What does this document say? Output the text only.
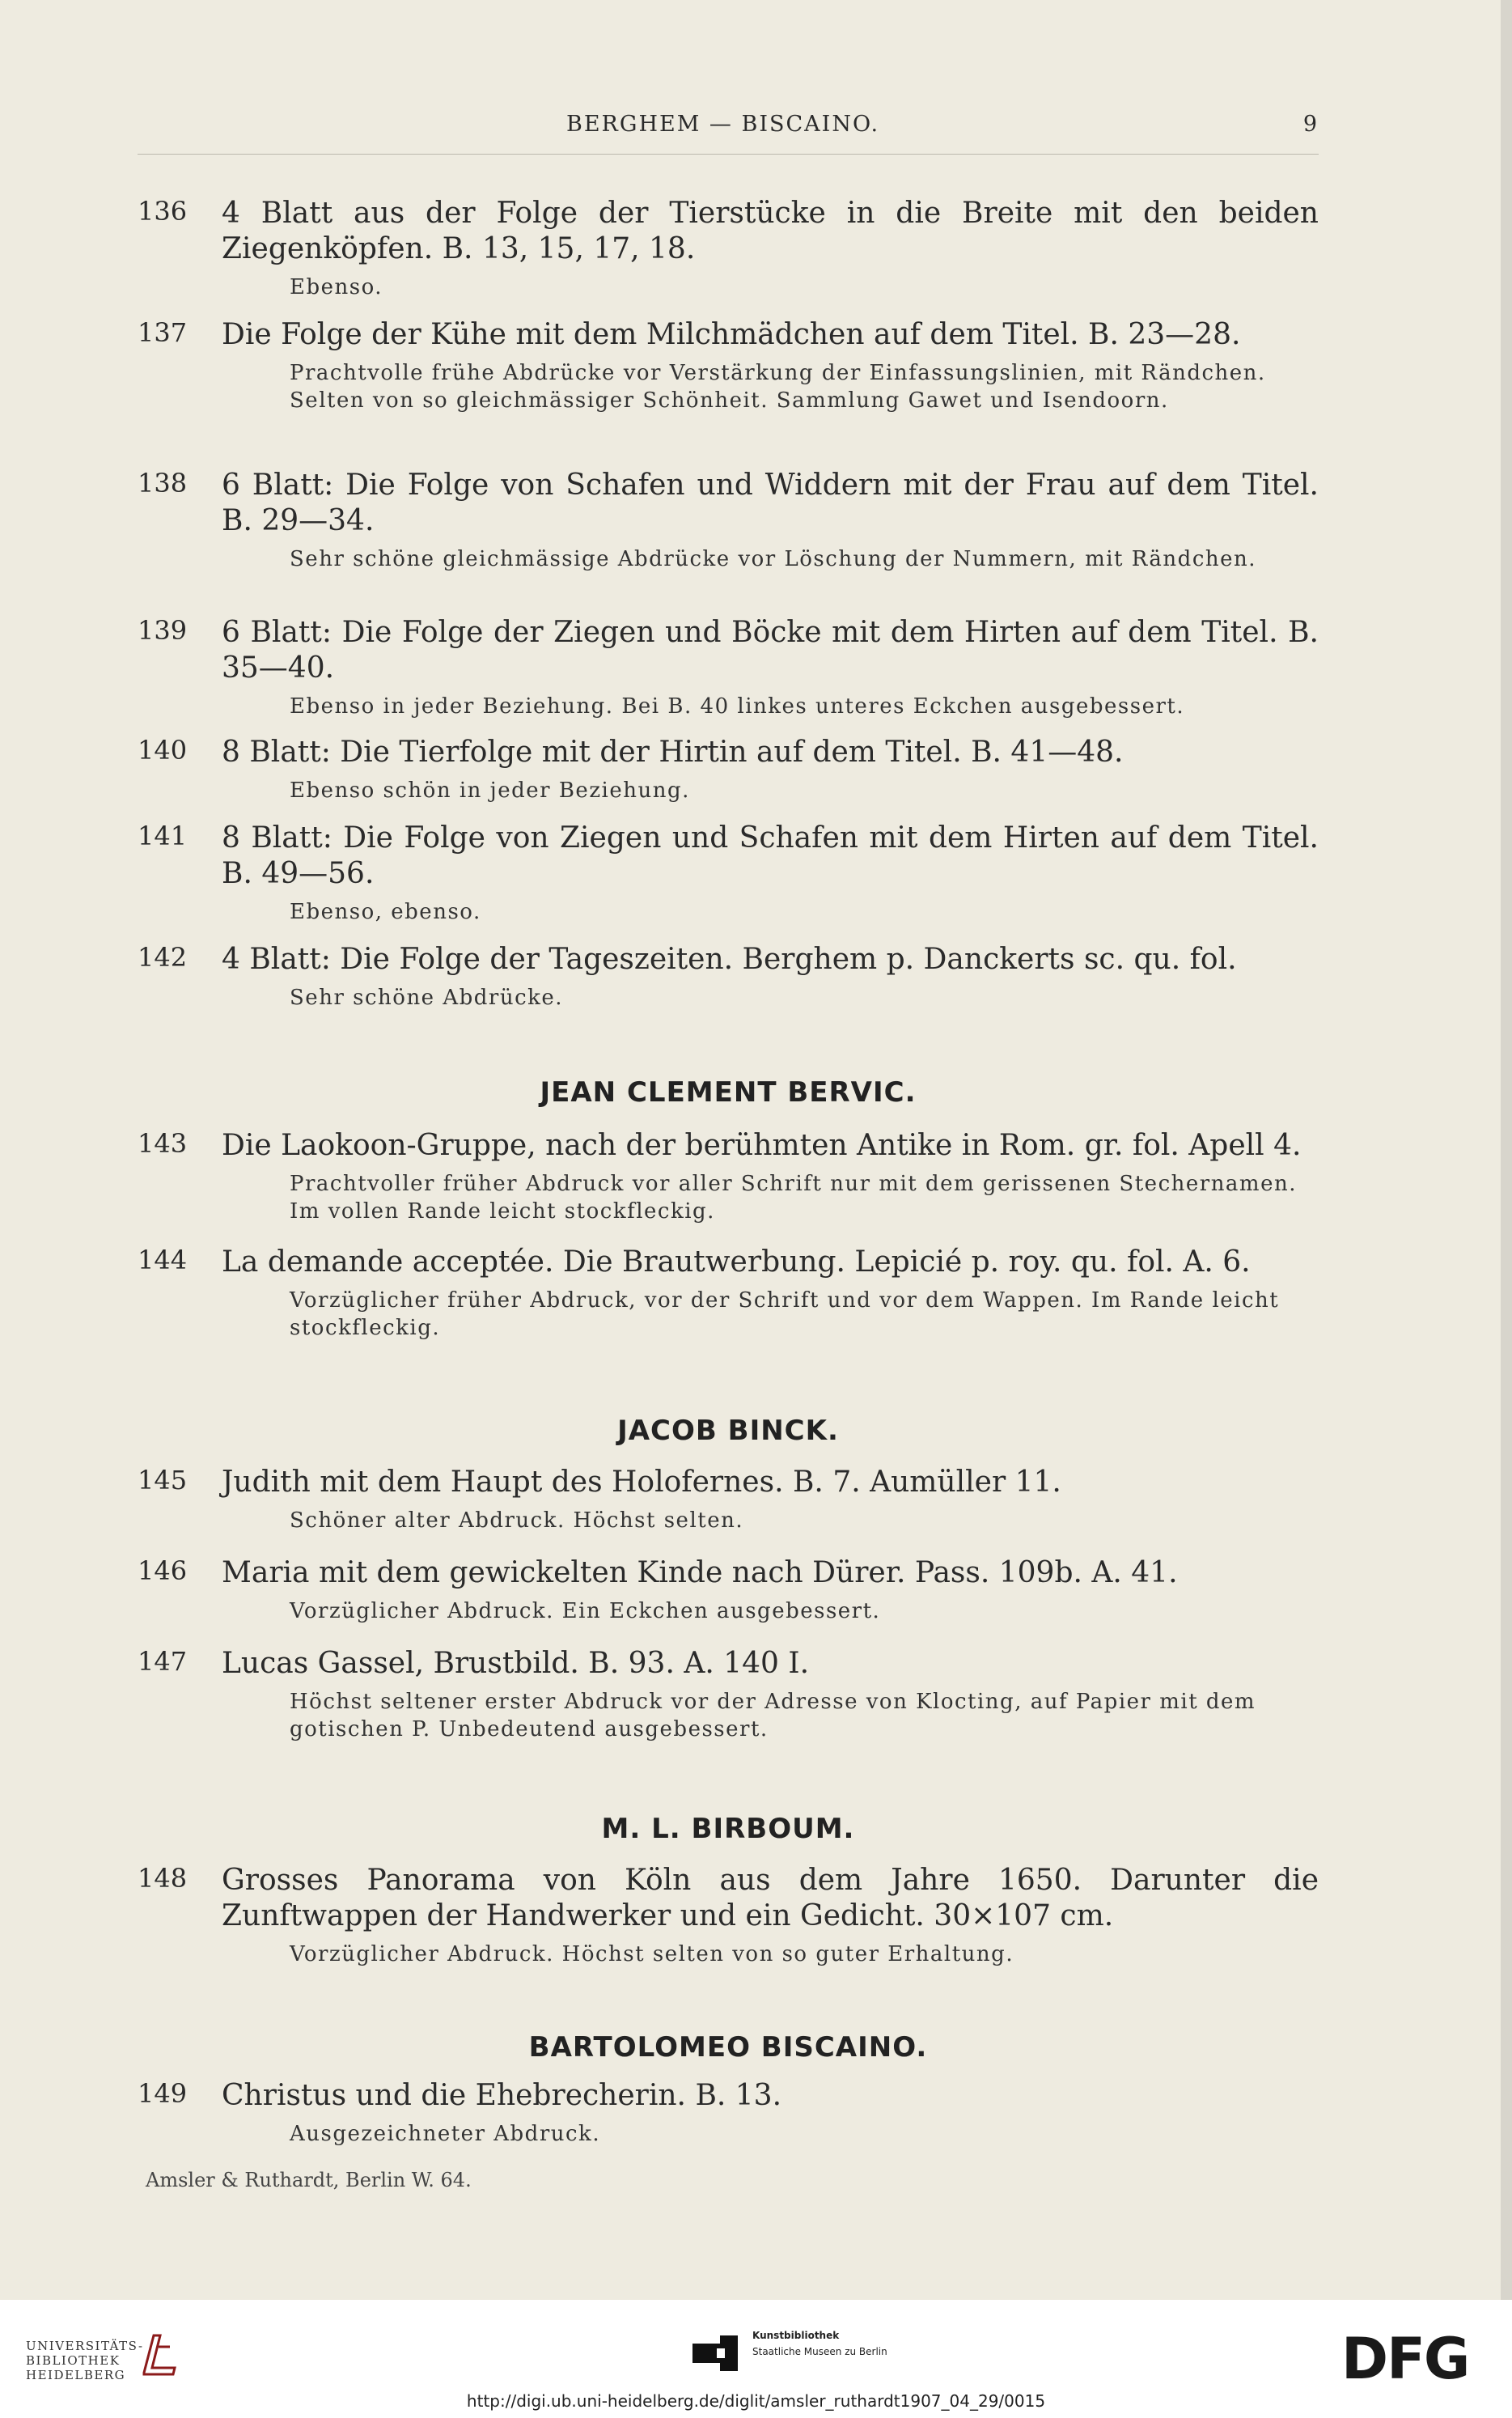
BERGHEM — BISCAINO.	9
136 4 Blatt aus der Folge der Tierstücke in die Breite mit den beiden Ziegenköpfen. B. 13, 15, 17, 18.
Ebenso.
137 Die Folge der Kühe mit dem Milchmädchen auf dem Titel. B. 23—28.
Prachtvolle frühe Abdrücke vor Verstärkung der Einfassungslinien, mit Rändchen. Selten von so gleichmässiger Schönheit. Sammlung Gawet und Isendoorn.
138 6 Blatt: Die Folge von Schafen und Widdern mit der Frau auf dem Titel. B. 29—34.
Sehr schöne gleichmässige Abdrücke vor Löschung der Nummern, mit Rändchen.
139 6 Blatt: Die Folge der Ziegen und Böcke mit dem Hirten auf dem Titel. B. 35—40.
Ebenso in jeder Beziehung. Bei B. 40 linkes unteres Eckchen ausgebessert.
140 8 Blatt: Die Tierfolge mit der Hirtin auf dem Titel. B. 41—48.
Ebenso schön in jeder Beziehung.
141 8 Blatt: Die Folge von Ziegen und Schafen mit dem Hirten auf dem Titel. B. 49—56.
Ebenso, ebenso.
142 4 Blatt: Die Folge der Tageszeiten. Berghem p. Danckerts sc. qu. fol.
Sehr schöne Abdrücke.
JEAN CLEMENT BERVIC.
143 Die Laokoon-Gruppe, nach der berühmten Antike in Rom. gr. fol. Apell 4.
Prachtvoller früher Abdruck vor aller Schrift nur mit dem gerissenen Stechernamen. Im vollen Rande leicht stockfleckig.
144 La demande acceptée. Die Brautwerbung. Lepicié p. roy. qu. fol. A. 6.
Vorzüglicher früher Abdruck, vor der Schrift und vor dem Wappen. Im Rande leicht stockfleckig.
JACOB BINCK.
145 Judith mit dem Haupt des Holofernes. B. 7. Aumüller 11.
Schöner alter Abdruck. Höchst selten.
146 Maria mit dem gewickelten Kinde nach Dürer. Pass. 109b. A. 41.
Vorzüglicher Abdruck. Ein Eckchen ausgebessert.
147 Lucas Gassel, Brustbild. B. 93. A. 140 I.
Höchst seltener erster Abdruck vor der Adresse von Klocting, auf Papier mit dem gotischen P. Unbedeutend ausgebessert.
M. L. BIRBOUM.
148 Grosses Panorama von Köln aus dem Jahre 1650. Darunter die Zunftwappen der Handwerker und ein Gedicht. 30×107 cm.
Vorzüglicher Abdruck. Höchst selten von so guter Erhaltung.
BARTOLOMEO BISCAINO.
149 Christus und die Ehebrecherin. B. 13.
Ausgezeichneter Abdruck.
Amsler & Ruthardt, Berlin W. 64.
UNIVERSITÄTS-
BIBLIOTHEK
HEIDELBERG
Kunstbibliothek
Staatliche Museen zu Berlin	DFG
http://digi.ub.uni-heidelberg.de/diglit/amsler_ruthardt1907_04_29/0015
